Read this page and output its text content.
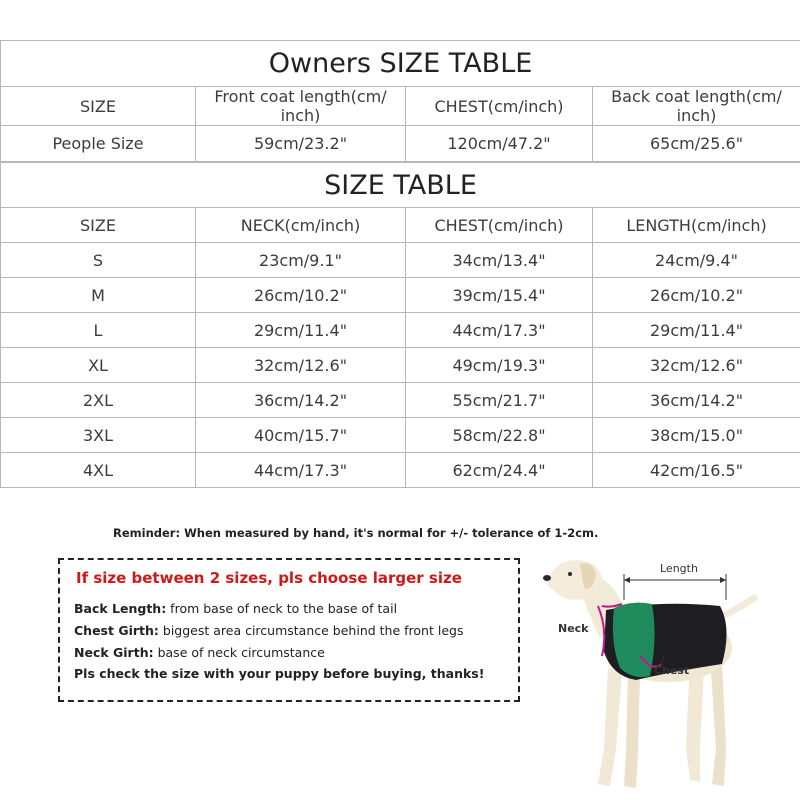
Owners SIZE TABLE			
SIZE	Front coat length(cm/ inch)	CHEST(cm/inch)	Back coat length(cm/ inch)
People Size	59cm/23.2"	120cm/47.2"	65cm/25.6"
SIZE TABLE			
SIZE	NECK(cm/inch)	CHEST(cm/inch)	LENGTH(cm/inch)
S	23cm/9.1"	34cm/13.4"	24cm/9.4"
M	26cm/10.2"	39cm/15.4"	26cm/10.2"
L	29cm/11.4"	44cm/17.3"	29cm/11.4"
XL	32cm/12.6"	49cm/19.3"	32cm/12.6"
2XL	36cm/14.2"	55cm/21.7"	36cm/14.2"
3XL	40cm/15.7"	58cm/22.8"	38cm/15.0"
4XL	44cm/17.3"	62cm/24.4"	42cm/16.5"
Reminder: When measured by hand, it's normal for +/- tolerance of 1-2cm.
If size between 2 sizes, pls choose larger size
Back Length: from base of neck to the base of tail
Chest Girth: biggest area circumstance behind the front legs
Neck Girth: base of neck circumstance
Pls check the size with your puppy before buying, thanks!
Length
Neck
Chest
